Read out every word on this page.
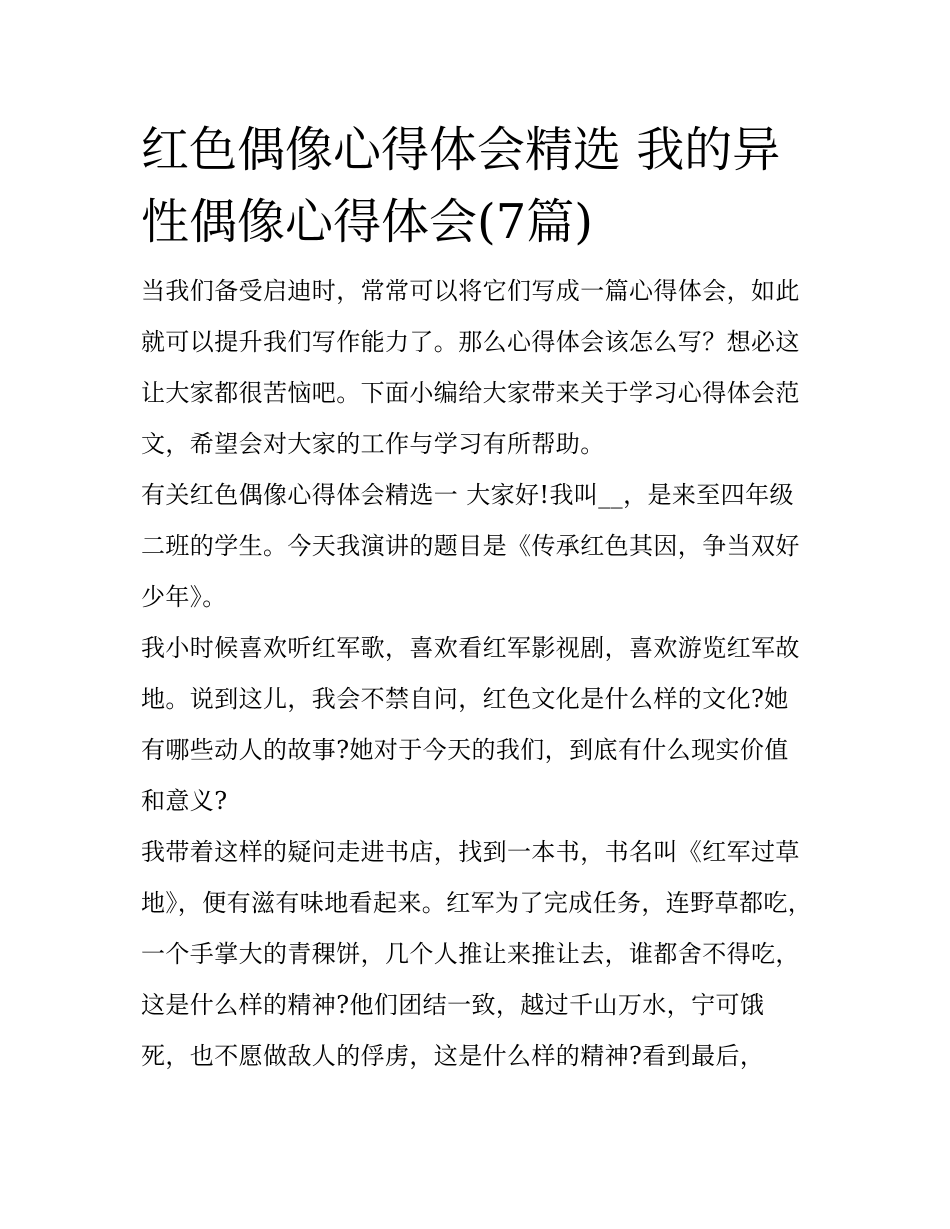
红色偶像心得体会精选 我的异性偶像心得体会(7篇)

当我们备受启迪时，常常可以将它们写成一篇心得体会，如此就可以提升我们写作能力了。那么心得体会该怎么写？想必这让大家都很苦恼吧。下面小编给大家带来关于学习心得体会范文，希望会对大家的工作与学习有所帮助。

有关红色偶像心得体会精选一 大家好!我叫__，是来至四年级二班的学生。今天我演讲的题目是《传承红色其因，争当双好少年》。

我小时候喜欢听红军歌，喜欢看红军影视剧，喜欢游览红军故地。说到这儿，我会不禁自问，红色文化是什么样的文化?她有哪些动人的故事?她对于今天的我们，到底有什么现实价值和意义?

我带着这样的疑问走进书店，找到一本书，书名叫《红军过草地》，便有滋有味地看起来。红军为了完成任务，连野草都吃，一个手掌大的青稞饼，几个人推让来推让去，谁都舍不得吃，这是什么样的精神?他们团结一致，越过千山万水，宁可饿死，也不愿做敌人的俘虏，这是什么样的精神?看到最后，
